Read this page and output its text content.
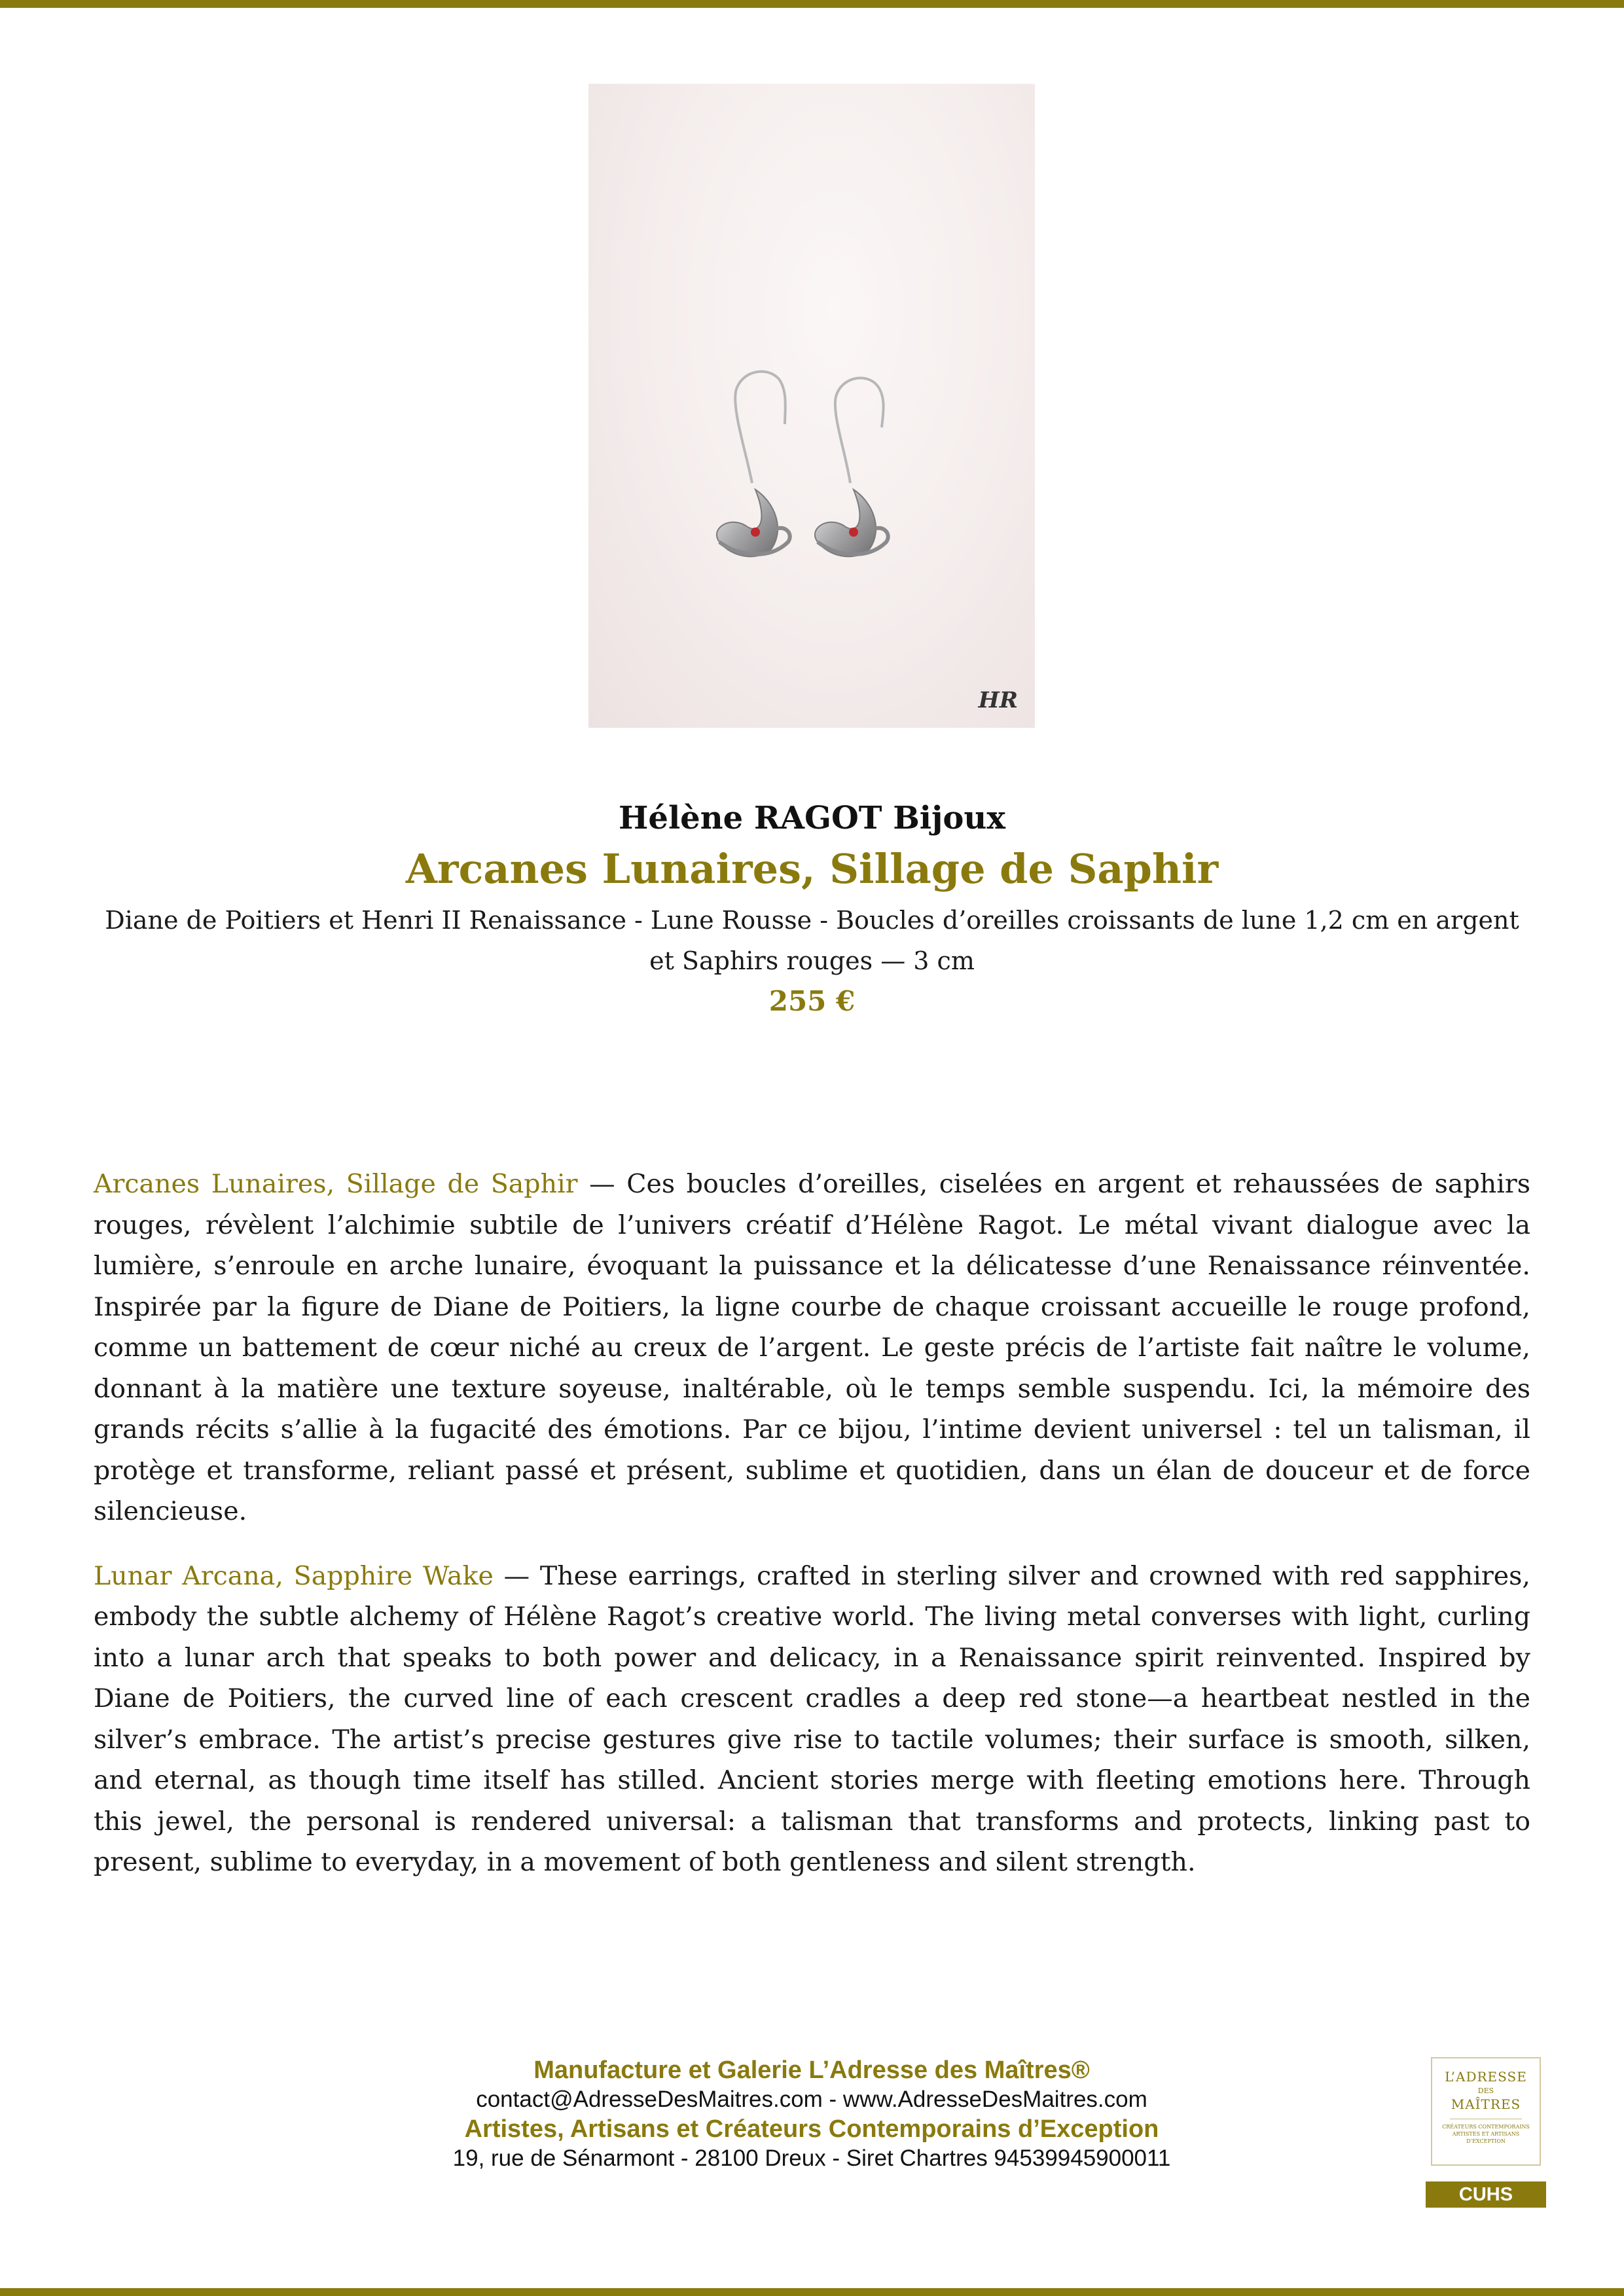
HR

Hélène RAGOT Bijoux

Arcanes Lunaires, Sillage de Saphir

Diane de Poitiers et Henri II Renaissance - Lune Rousse - Boucles d’oreilles croissants de lune 1,2 cm en argent et Saphirs rouges — 3 cm

255 €

Arcanes Lunaires, Sillage de Saphir — Ces boucles d’oreilles, ciselées en argent et rehaussées de saphirs rouges, révèlent l’alchimie subtile de l’univers créatif d’Hélène Ragot. Le métal vivant dialogue avec la lumière, s’enroule en arche lunaire, évoquant la puissance et la délicatesse d’une Renaissance réinventée. Inspirée par la figure de Diane de Poitiers, la ligne courbe de chaque croissant accueille le rouge profond, comme un battement de cœur niché au creux de l’argent. Le geste précis de l’artiste fait naître le volume, donnant à la matière une texture soyeuse, inaltérable, où le temps semble suspendu. Ici, la mémoire des grands récits s’allie à la fugacité des émotions. Par ce bijou, l’intime devient universel : tel un talisman, il protège et transforme, reliant passé et présent, sublime et quotidien, dans un élan de douceur et de force silencieuse.

Lunar Arcana, Sapphire Wake — These earrings, crafted in sterling silver and crowned with red sapphires, embody the subtle alchemy of Hélène Ragot’s creative world. The living metal converses with light, curling into a lunar arch that speaks to both power and delicacy, in a Renaissance spirit reinvented. Inspired by Diane de Poitiers, the curved line of each crescent cradles a deep red stone—a heartbeat nestled in the silver’s embrace. The artist’s precise gestures give rise to tactile volumes; their surface is smooth, silken, and eternal, as though time itself has stilled. Ancient stories merge with fleeting emotions here. Through this jewel, the personal is rendered universal: a talisman that transforms and protects, linking past to present, sublime to everyday, in a movement of both gentleness and silent strength.

Manufacture et Galerie L’Adresse des Maîtres®
contact@AdresseDesMaitres.com - www.AdresseDesMaitres.com
Artistes, Artisans et Créateurs Contemporains d’Exception
19, rue de Sénarmont - 28100 Dreux - Siret Chartres 94539945900011
L’ADRESSE
DES
MAÎTRES
CRÉATEURS CONTEMPORAINS
ARTISTES ET ARTISANS
D’EXCEPTION
CUHS
